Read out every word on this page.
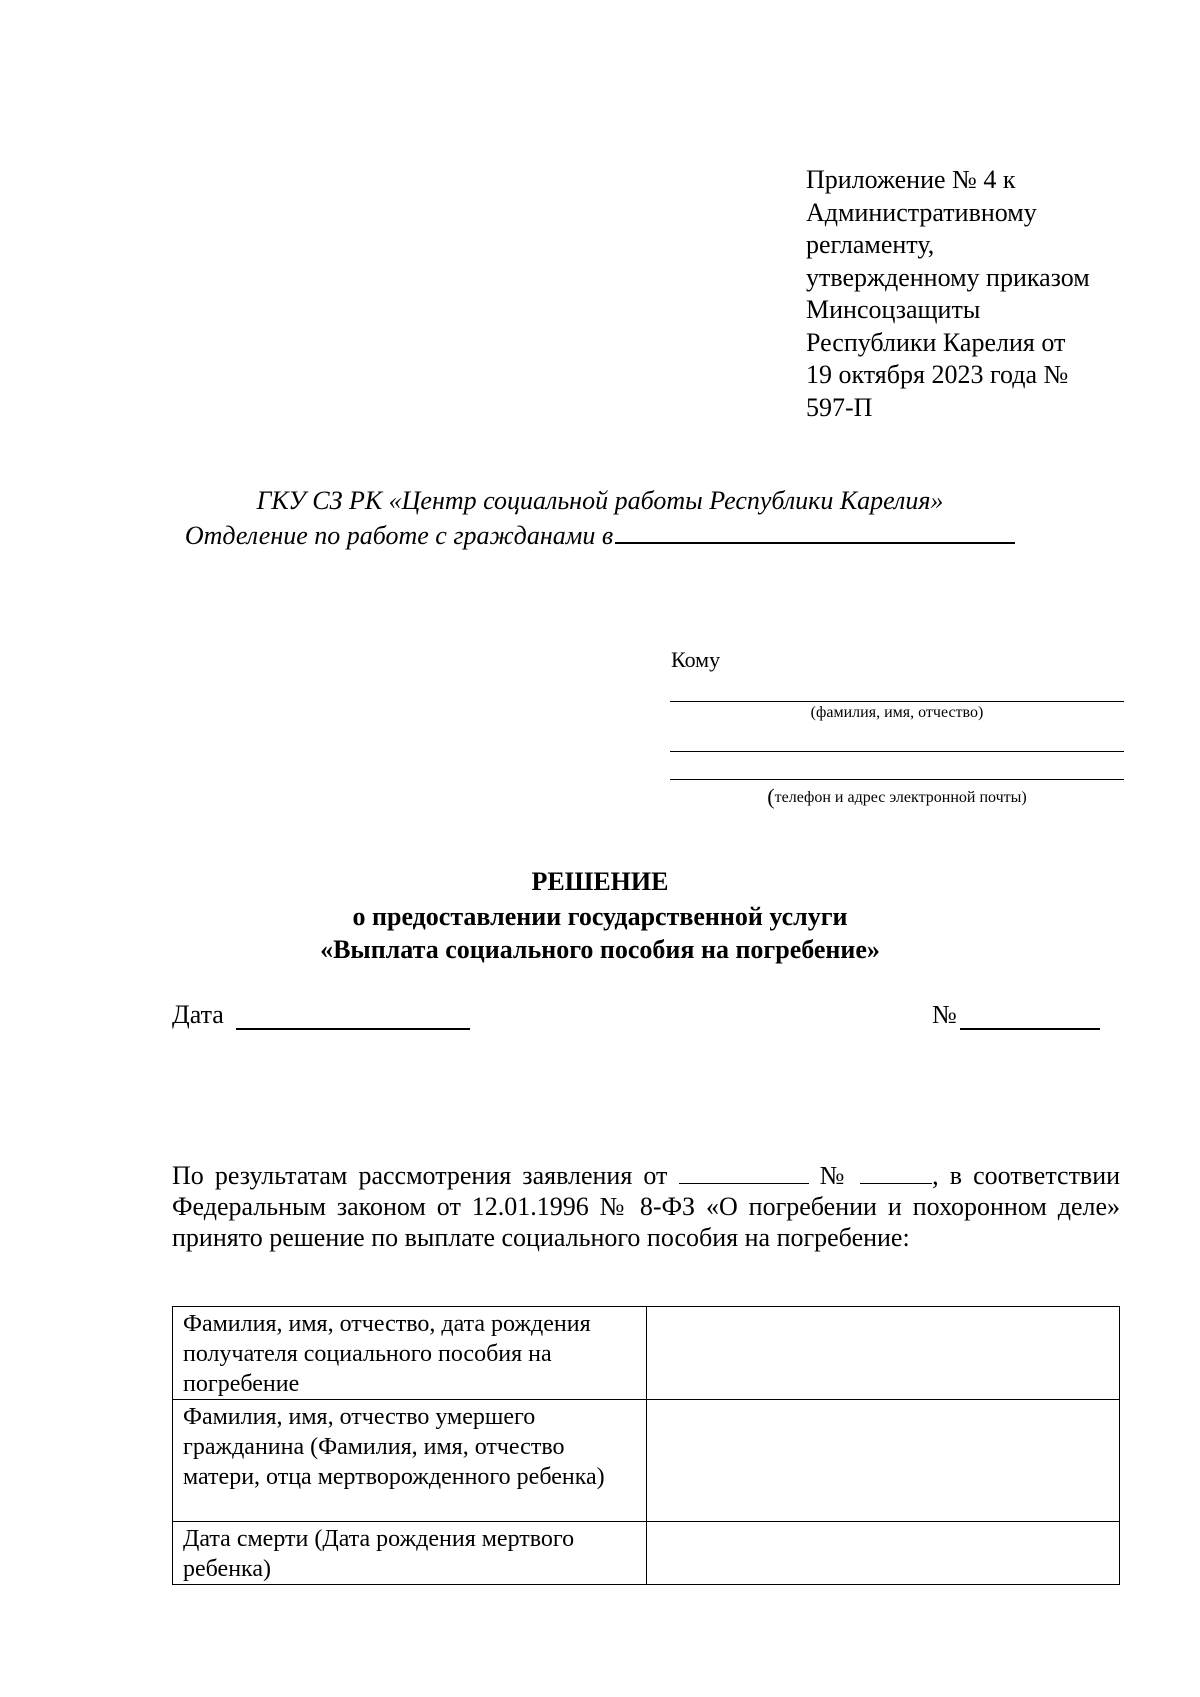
Приложение № 4 к
Административному
регламенту,
утвержденному приказом
Минсоцзащиты
Республики Карелия от
19 октября 2023 года №
597-П
ГКУ СЗ РК «Центр социальной работы Республики Карелия»
Отделение по работе с гражданами в
Кому
(фамилия, имя, отчество)
(телефон и адрес электронной почты)
РЕШЕНИЕ
о предоставлении государственной услуги
«Выплата социального пособия на погребение»
Дата	№
По результатам рассмотрения заявления от	№	, в соответствии
Федеральным законом от 12.01.1996 № 8-ФЗ «О погребении и похоронном деле»
принято решение по выплате социального пособия на погребение:
Фамилия, имя, отчество, дата рождения получателя социального пособия на погребение	
Фамилия, имя, отчество умершего гражданина (Фамилия, имя, отчество матери, отца мертворожденного ребенка)	
Дата смерти (Дата рождения мертвого ребенка)	
